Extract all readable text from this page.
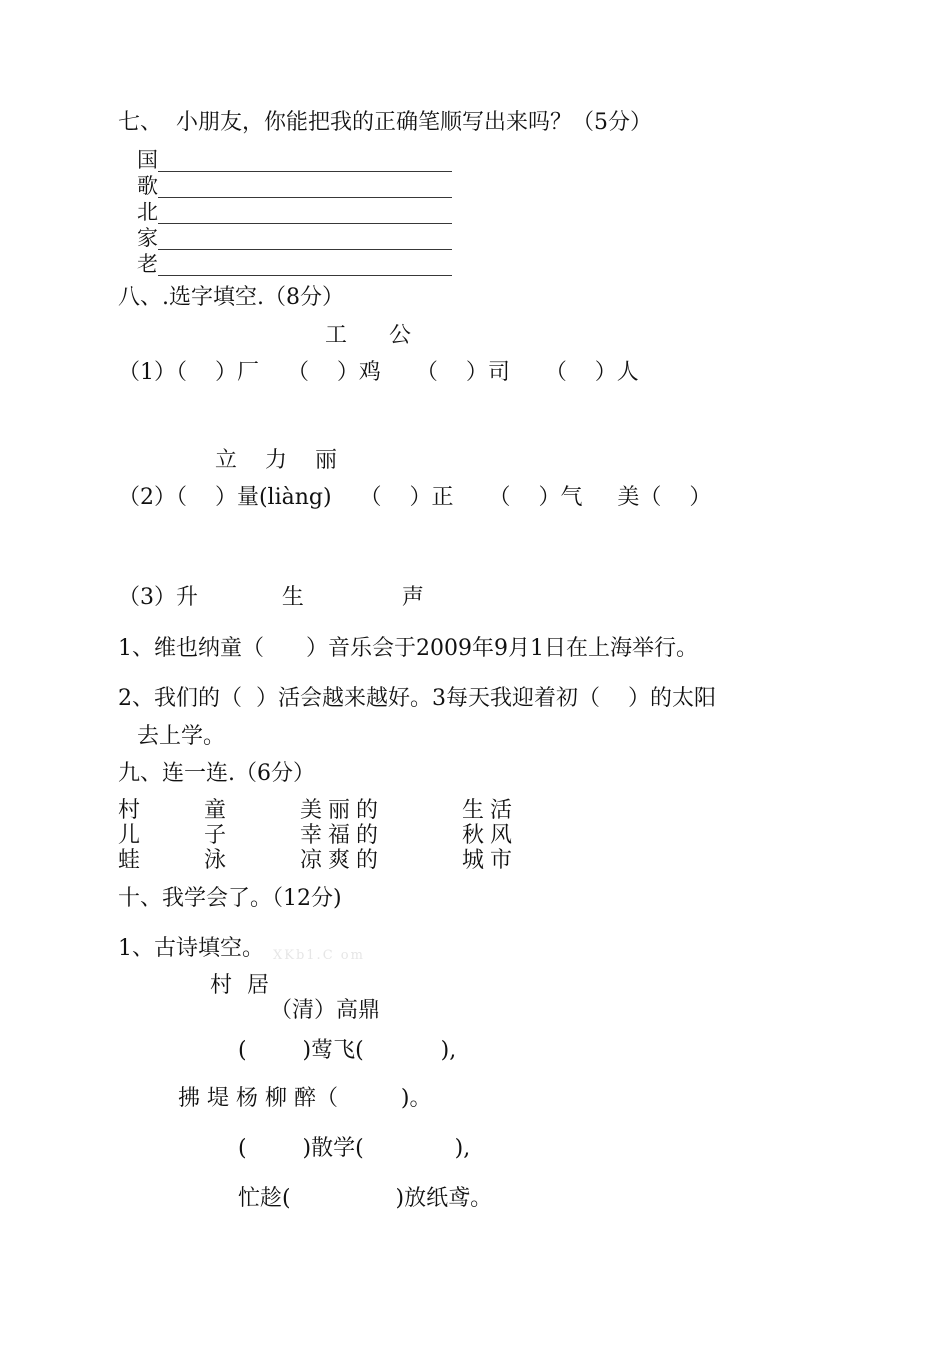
七、  小朋友，你能把我的正确笔顺写出来吗？（5分）
国____________________________
歌____________________________
北____________________________
家____________________________
老____________________________
八、.选字填空.（8分）
工      公
（1）（    ）厂    （    ）鸡     （    ）司     （    ）人
立    力    丽
（2）（    ）量(liàng)    （    ）正     （    ）气     美（    ）
（3）升            生              声
1、维也纳童（      ）音乐会于2009年9月1日在上海举行。
2、我们的（  ）活会越来越好。3每天我迎着初（    ）的太阳
去上学。
九、连一连.（6分）
村
儿
蛙
童
子
泳
美丽的
幸福的
凉爽的
生活
秋风
城市
十、我学会了。（12分)
1、古诗填空。 XKb1.C om
村 居
（清）高鼎
(        )莺飞(           ),
拂 堤 杨 柳 醉（         )。
(        )散学(             ),
忙趁(               )放纸鸢。
